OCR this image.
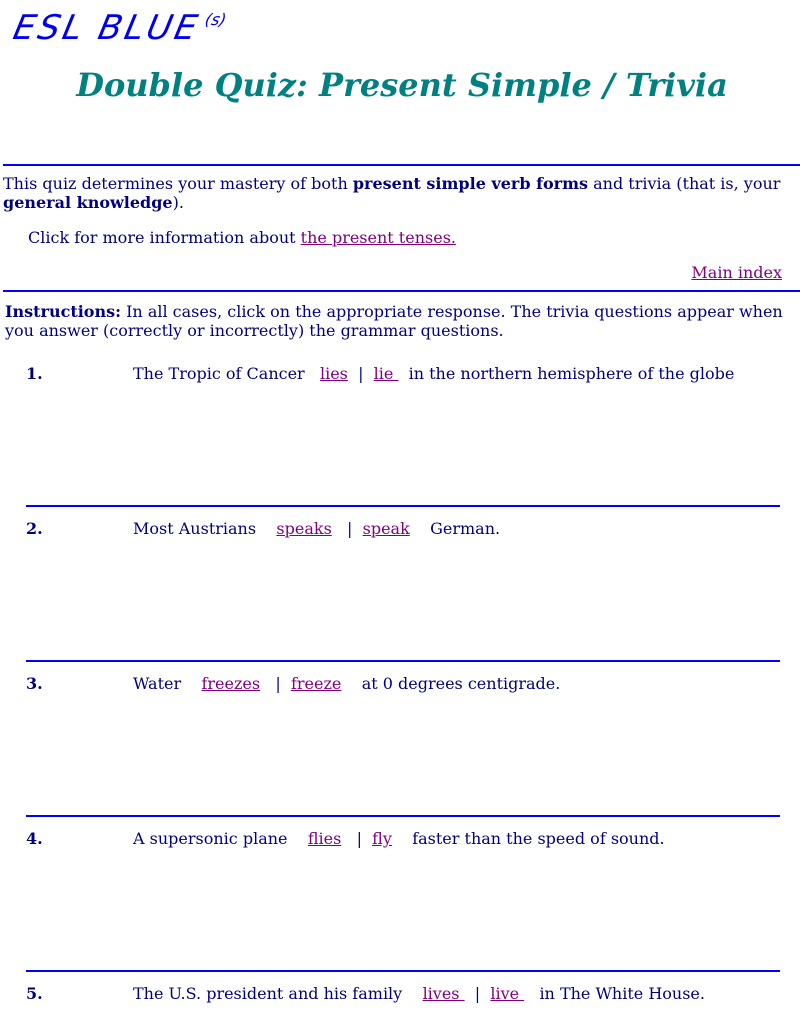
ESL BLUE$^{(s)}$
Double Quiz: Present Simple / Trivia

This quiz determines your mastery of both present simple verb forms and trivia (that is, your
general knowledge).

Click for more information about the present tenses.

Main index

Instructions: In all cases, click on the appropriate response. The trivia questions appear when you answer (correctly or incorrectly) the grammar questions.

1.	The Tropic of Cancer lies | lie   in the northern hemisphere of the globe
2.	Most Austrians speaks | speak German.
3.	Water freezes | freeze at 0 degrees centigrade.
4.	A supersonic plane flies | fly faster than the speed of sound.
5.	The U.S. president and his family lives   | live    in The White House.
